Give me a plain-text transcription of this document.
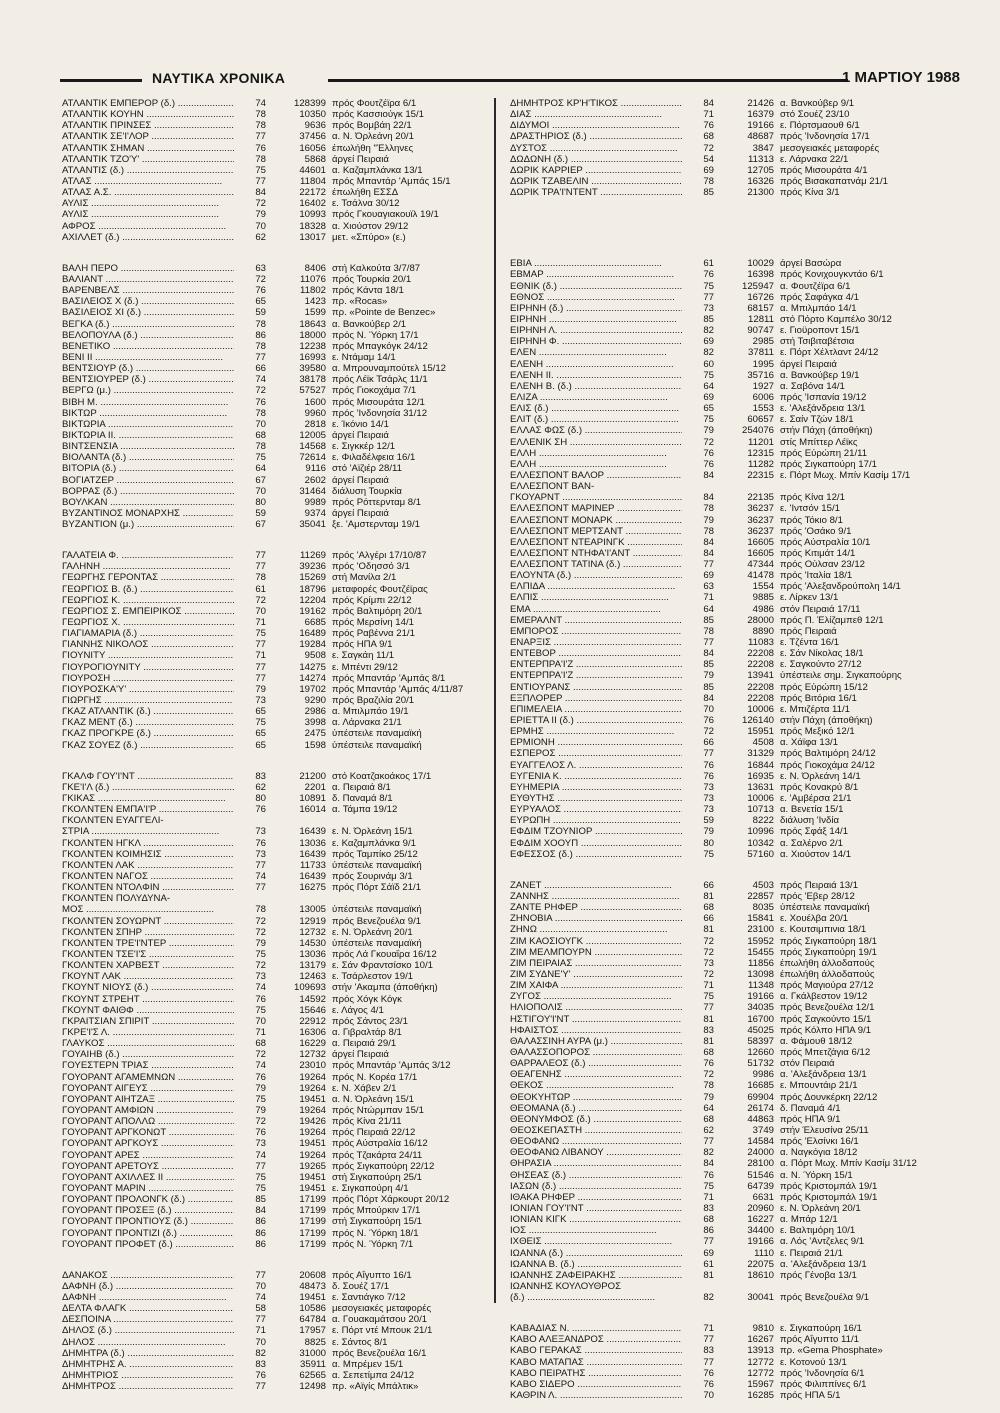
ΝΑΥΤΙΚΑ ΧΡΟΝΙΚΑ	1 ΜΑΡΤΙΟΥ 1988
ΑΤΛΑΝΤΙΚ ΕΜΠΕΡΟΡ (δ.) .....	74	128399 πρός Φουτζέϊρα 6/1
ΑΤΛΑΝΤΙΚ ΚΟΥΗΝ .....	78	10350 πρός Κασσιούγκ 15/1
ΑΤΛΑΝΤΙΚ ΠΡΙΝΣΕΣ .....	78	9636 πρός Βομβάη 22/1
ΑΤΛΑΝΤΙΚ ΣΕ'Ι'ΛΟΡ .....	77	37456 α. Ν. Όρλεάνη 20/1
ΑΤΛΑΝΤΙΚ ΣΗΜΑΝ .....	76	16056 έπωλήθη "Έλληνες
ΑΤΛΑΝΤΙΚ ΤΖΟ'Υ' .....	78	5868 άργεί Πειραιά
ΑΤΛΑΝΤΙΣ (δ.) .....	75	44601 α. Καζαμπλάνκα 13/1
ΑΤΛΑΣ .....	77	11804 πρός Μπαντάρ 'Αμπάς 15/1
ΑΤΛΑΣ Α.Σ. .....	84	22172 έπωλήθη ΕΣΣΔ
ΑΥΛΙΣ .....	72	16402 ε. Τσάλνα 30/12
ΑΥΛΙΣ .....	79	10993 πρός Γκουαγιακουϊλ 19/1
ΑΦΡΟΣ .....	70	18328 α. Χιούστον 29/12
ΑΧΙΛΛΕΤ (δ.) .....	62	13017 μετ. «Σπύρο» (ε.)
ΒΑΛΗ ΠΕΡΟ .....	63	8406 στή Καλκούτα 3/7/87
ΒΑΛΙΑΝΤ .....	72	11076 πρός Τουρκία 20/1
ΒΑΡΕΝΒΕΛΣ .....	76	11802 πρός Κάντα 18/1
ΒΑΣΙΛΕΙΟΣ Χ (δ.) .....	65	1423 πρ. «Rocas»
ΒΑΣΙΛΕΙΟΣ ΧΙ (δ.) .....	59	1599 πρ. «Pointe de Benzec»
ΒΕΓΚΑ (δ.) .....	78	18643 α. Βανκούβερ 2/1
ΒΕΛΟΠΟΥΛΑ (δ.) .....	86	18000 πρός Ν. Ύόρκη 17/1
ΒΕΝΕΤΙΚΟ .....	78	12238 πρός Μπαγκόγκ 24/12
ΒΕΝΙ ΙΙ .....	77	16993 ε. Ντάμαμ 14/1
ΒΕΝΤΣΙΟΥΡ (δ.) .....	66	39580 α. Μπρουναμπούτελ 15/12
ΒΕΝΤΣΙΟΥΡΕΡ (δ.) .....	74	38178 πρός Λέϊκ Τσάρλς 11/1
ΒΕΡΓΩ (μ.) .....	72	57527 πρός Γιοκοχάμα 7/1
ΒΙΒΗ Μ. .....	76	1600 πρός Μισουράτα 12/1
ΒΙΚΤΩΡ .....	78	9960 πρός 'Ινδονησία 31/12
ΒΙΚΤΩΡΙΑ .....	70	2818 ε. Ίκόνιο 14/1
ΒΙΚΤΩΡΙΑ ΙΙ. .....	68	12005 άργεί Πειραιά
ΒΙΝΤΣΕΝΣΙΑ .....	78	14568 ε. Σιγκκέρ 12/1
ΒΙΟΛΑΝΤΑ (δ.) .....	75	72614 ε. Φιλαδέλφεια 16/1
ΒΙΤΟΡΙΑ (δ.) .....	64	9116 στό 'Αϊζιέρ 28/11
ΒΟΓΙΑΤΖΕΡ .....	67	2602 άργεί Πειραιά
ΒΟΡΡΑΣ (δ.) .....	70	31464 διάλυση Τουρκία
ΒΟΥΛΚΑΝ .....	80	9989 πρός Ρόττερνταμ 8/1
ΒΥΖΑΝΤΙΝΟΣ ΜΟΝΑΡΧΗΣ .....	59	9374 άργεί Πειραιά
ΒΥΖΑΝΤΙΟΝ (μ.) .....	67	35041 ξε. 'Αμστερνταμ 19/1
ΓΑΛΑΤΕΙΑ Φ. .....	77	11269 πρός 'Αλγέρι 17/10/87
ΓΑΛΗΝΗ .....	77	39236 πρός 'Οδησσό 3/1
ΓΕΩΡΓΗΣ ΓΕΡΟΝΤΑΣ .....	78	15269 στή Μανίλα 2/1
ΓΕΩΡΓΙΟΣ Β. (δ.) .....	61	18796 μεταφορές Φουτζέϊρας
ΓΕΩΡΓΙΟΣ Κ. .....	72	12204 πρός Κρίμπι 22/12
ΓΕΩΡΓΙΟΣ Σ. ΕΜΠΕΙΡΙΚΟΣ .....	70	19162 πρός Βαλτιμόρη 20/1
ΓΕΩΡΓΙΟΣ Χ. .....	71	6685 πρός Μερσίνη 14/1
ΓΙΑΓΙΑΜΑΡΙΑ (δ.) .....	75	16489 πρός Ραβέννα 21/1
ΓΙΑΝΝΗΣ ΝΙΚΟΛΟΣ .....	77	19284 πρός ΗΠΑ 9/1
ΓΙΟΥΝΙΤΥ .....	71	9508 ε. Σαγκάη 11/1
ΓΙΟΥΡΟΓΙΟΥΝΙΤΥ .....	77	14275 ε. Μπέντι 29/12
ΓΙΟΥΡΟΣΗ .....	77	14274 πρός Μπαντάρ 'Αμπάς 8/1
ΓΙΟΥΡΟΣΚΑ'Υ' .....	79	19702 πρός Μπαντάρ 'Αμπάς 4/11/87
ΓΙΩΡΓΗΣ .....	73	9290 πρός Βραζιλία 20/1
ΓΚΑΖ ΑΤΛΑΝΤΙΚ (δ.) .....	65	2986 α. Μπιλμπάο 19/1
ΓΚΑΖ ΜΕΝΤ (δ.) .....	75	3998 α. Λάρνακα 21/1
ΓΚΑΖ ΠΡΟΓΚΡΕ (δ.) .....	65	2475 ύπέστειλε παναμαϊκή
ΓΚΑΖ ΣΟΥΕΖ (δ.) .....	65	1598 ύπέστειλε παναμαϊκή
ΓΚΑΛΦ ΓΟΥ'Ι'ΝΤ .....	83	21200 στό Κοατζακοάκος 17/1
ΓΚΕ'Ι'Λ (δ.) .....	62	2201 α. Πειραιά 8/1
ΓΚΙΚΑΣ .....	80	10891 δ. Παναμά 8/1
ΓΚΟΛΝΤΕΝ ΕΜΠΑ'Ι'Ρ .....	76	16014 α. Τάμπα 19/12
ΓΚΟΛΝΤΕΝ ΕΥΑΓΓΕΛΙ-
ΣΤΡΙΑ .....	73	16439 ε. Ν. Όρλεάνη 15/1
ΓΚΟΛΝΤΕΝ ΗΓΚΛ .....	76	13036 ε. Καζαμπλάνκα 9/1
ΓΚΟΛΝΤΕΝ ΚΟΙΜΗΣΙΣ .....	73	16439 πρός Ταμπίκο 25/12
ΓΚΟΛΝΤΕΝ ΛΑΚ .....	77	11733 ύπέστειλε παναμαϊκή
ΓΚΟΛΝΤΕΝ ΝΑΓΟΣ .....	74	16439 πρός Σουρινάμ 3/1
ΓΚΟΛΝΤΕΝ ΝΤΟΛΦΙΝ .....	77	16275 πρός Πόρτ Σάϊδ 21/1
ΓΚΟΛΝΤΕΝ ΠΟΛΥΔΥΝΑ-
ΜΟΣ .....	78	13005 ύπέστειλε παναμαϊκή
ΓΚΟΛΝΤΕΝ ΣΟΥΩΡΝΤ .....	72	12919 πρός Βενεζουέλα 9/1
ΓΚΟΛΝΤΕΝ ΣΠΗΡ .....	72	12732 ε. Ν. Όρλεάνη 20/1
ΓΚΟΛΝΤΕΝ ΤΡΕ'Ι'ΝΤΕΡ .....	79	14530 ύπέστειλε παναμαϊκή
ΓΚΟΛΝΤΕΝ ΤΣΕ'Ι'Σ .....	75	13036 πρός Λά Γκουαΐρα 16/12
ΓΚΟΛΝΤΕΝ ΧΑΡΒΕΣΤ .....	72	13179 ε. Σάν Φραντσίσκο 10/1
ΓΚΟΥΝΤ ΛΑΚ .....	73	12463 ε. Τσάρλεστον 19/1
ΓΚΟΥΝΤ ΝΙΟΥΣ (δ.) .....	74	109693 στήν 'Ακαμπα (άποθήκη)
ΓΚΟΥΝΤ ΣΤΡΕΗΤ .....	76	14592 πρός Χόγκ Κόγκ
ΓΚΟΥΝΤ ΦΑΙΘΦ .....	75	15646 ε. Λάγος 4/1
ΓΚΡΑΙΤΣΙΑΝ ΣΠΙΡΙΤ .....	70	22912 πρός Σάντος 23/1
ΓΚΡΕ'Ι'Σ Λ. .....	71	16306 α. Γιβραλτάρ 8/1
ΓΛΑΥΚΟΣ .....	68	16229 α. Πειραιά 29/1
ΓΟΥΑΙΗΒ (δ.) .....	72	12732 άργεί Πειραιά
ΓΟΥΕΣΤΕΡΝ ΤΡΙΑΣ .....	74	23010 πρός Μπαντάρ 'Αμπάς 3/12
ΓΟΥΟΡΑΝΤ ΑΓΑΜΕΜΝΩΝ .....	76	19264 πρός Ν. Κορέα 17/1
ΓΟΥΟΡΑΝΤ ΑΙΓΕΥΣ .....	79	19264 ε. Ν. Χάβεν 2/1
ΓΟΥΟΡΑΝΤ ΑΙΗΤΖΑΞ .....	75	19451 α. Ν. Όρλεάνη 15/1
ΓΟΥΟΡΑΝΤ ΑΜΦΙΩΝ .....	79	19264 πρός Ντώρμπαν 15/1
ΓΟΥΟΡΑΝΤ ΑΠΟΛΛΩ .....	72	19426 πρός Κίνα 21/11
ΓΟΥΟΡΑΝΤ ΑΡΓΚΟΝΩΤ .....	76	19264 πρός Πειραιά 22/12
ΓΟΥΟΡΑΝΤ ΑΡΓΚΟΥΣ .....	73	19451 πρός Αύστραλία 16/12
ΓΟΥΟΡΑΝΤ ΑΡΕΣ .....	74	19264 πρός Τζακάρτα 24/11
ΓΟΥΟΡΑΝΤ ΑΡΕΤΟΥΣ .....	77	19265 πρός Σιγκαπούρη 22/12
ΓΟΥΟΡΑΝΤ ΑΧΙΛΛΕΣ ΙΙ .....	75	19451 στή Σιγκαπούρη 25/1
ΓΟΥΟΡΑΝΤ ΜΑΡΙΝ .....	75	19451 ε. Σιγκαπούρη 4/1
ΓΟΥΟΡΑΝΤ ΠΡΟΛΟΝΓΚ (δ.) .....	85	17199 πρός Πόρτ Χάρκουρτ 20/12
ΓΟΥΟΡΑΝΤ ΠΡΟΣΕΞ (δ.) .....	84	17199 πρός Μπούρκιν 17/1
ΓΟΥΟΡΑΝΤ ΠΡΟΝΤΙΟΥΣ (δ.) .....	86	17199 στή Σιγκαπούρη 15/1
ΓΟΥΟΡΑΝΤ ΠΡΟΝΤΙΖΙ (δ.) .....	86	17199 πρός Ν. Ύόρκη 18/1
ΓΟΥΟΡΑΝΤ ΠΡΟΦΕΤ (δ.) .....	86	17199 πρός Ν. Ύόρκη 7/1
ΔΑΝΑΚΟΣ .....	77	20608 πρός Αΐγυπτο 16/1
ΔΑΦΝΗ (δ.) .....	70	48473 δ. Σουέζ 17/1
ΔΑΦΝΗ .....	74	19451 ε. Σαντιάγκο 7/12
ΔΕΛΤΑ ΦΛΑΓΚ .....	58	10586 μεσογειακές μεταφορές
ΔΕΣΠΟΙΝΑ .....	77	64784 α. Γουακαμάτσου 20/1
ΔΗΛΟΣ (δ.) .....	71	17957 ε. Πόρτ ντέ Μπουκ 21/1
ΔΗΛΟΣ .....	70	8825 ε. Σάντος 8/1
ΔΗΜΗΤΡΑ (δ.) .....	82	31000 πρός Βενεζουέλα 16/1
ΔΗΜΗΤΡΗΣ Α. .....	83	35911 α. Μπρέμεν 15/1
ΔΗΜΗΤΡΙΟΣ .....	76	62565 α. Σεπετίμπα 24/12
ΔΗΜΗΤΡΟΣ .....	77	12498 πρ. «Αϊγίς Μπάλτικ»
ΔΗΜΗΤΡΟΣ ΚΡ'Η'ΤΙΚΟΣ .....	84	21426 α. Βανκούβερ 9/1
ΔΙΑΣ .....	71	16379 στό Σουέζ 23/10
ΔΙΔΥΜΟΙ .....	76	19166 ε. Πόρτσμαουθ 6/1
ΔΡΑΣΤΗΡΙΟΣ (δ.) .....	68	48687 πρός 'Ινδονησία 17/1
ΔΥΣΤΟΣ .....	72	3847 μεσογειακές μεταφορές
ΔΩΔΩΝΗ (δ.) .....	54	11313 ε. Λάρνακα 22/1
ΔΩΡΙΚ ΚΑΡΡΙΕΡ .....	69	12705 πρός Μισουράτα 4/1
ΔΩΡΙΚ ΤΖΑΒΕΛΙΝ .....	78	16326 πρός Βισακαπατνάμ 21/1
ΔΩΡΙΚ ΤΡΑ'Ι'ΝΤΕΝΤ .....	85	21300 πρός Κίνα 3/1
ΕΒΙΑ .....	61	10029 άργεί Βασώρα
ΕΒΜΑΡ .....	76	16398 πρός Κονιχουγκντάο 6/1
ΕΘΝΙΚ (δ.) .....	75	125947 α. Φουτζέϊρα 6/1
ΕΘΝΟΣ .....	77	16726 πρός Σαφάγκα 4/1
ΕΙΡΗΝΗ (δ.) .....	73	68157 α. Μπιλμπάο 14/1
ΕΙΡΗΝΗ .....	85	12811 στό Πόρτο Καμπέλο 30/12
ΕΙΡΗΝΗ Λ. .....	82	90747 ε. Γιοϋροποντ 15/1
ΕΙΡΗΝΗ Φ. .....	69	2985 στή Τσιβιταβέτσια
ΕΛΕΝ .....	82	37811 ε. Πόρτ Χέλτλαντ 24/12
ΕΛΕΝΗ .....	60	1995 άργεί Πειραιά
ΕΛΕΝΗ ΙΙ. .....	75	35716 α. Βανκούβερ 19/1
ΕΛΕΝΗ Β. (δ.) .....	64	1927 α. Σαβόνα 14/1
ΕΛΙΖΑ .....	69	6006 πρός 'Ισπανία 19/12
ΕΛΙΣ (δ.) .....	65	1553 ε. 'Αλεξάνδρεια 13/1
ΕΛΙΤ (δ.) .....	75	60657 ε. Σαίν Τζών 18/1
ΕΛΛΑΣ ΦΩΣ (δ.) .....	79	254076 στήν Πάχη (άποθήκη)
ΕΛΛΕΝΙΚ ΣΗ .....	72	11201 στίς Μπίττερ Λέϊκς
ΕΛΛΗ .....	76	12315 πρός Εύρώπη 21/11
ΕΛΛΗ .....	76	11282 πρός Σιγκαπούρη 17/1
ΕΛΛΕΣΠΟΝΤ ΒΑΛΟΡ .....	84	22315 ε. Πόρτ Μωχ. Μπίν Κασίμ 17/1
ΕΛΛΕΣΠΟΝΤ ΒΑΝ-
ΓΚΟΥΑΡΝΤ .....	84	22135 πρός Κίνα 12/1
ΕΛΛΕΣΠΟΝΤ ΜΑΡΙΝΕΡ .....	78	36237 ε. 'Ιντσόν 15/1
ΕΛΛΕΣΠΟΝΤ ΜΟΝΑΡΚ .....	79	36237 πρός Τόκιο 8/1
ΕΛΛΕΣΠΟΝΤ ΜΕΡΤΣΑΝΤ .....	78	36237 πρός 'Οσάκο 9/1
ΕΛΛΕΣΠΟΝΤ ΝΤΕΑΡΙΝΓΚ .....	84	16605 πρός Αύστραλία 10/1
ΕΛΛΕΣΠΟΝΤ ΝΤΗΦΑ'Ι'ΑΝΤ .....	84	16605 πρός Κιτιμάτ 14/1
ΕΛΛΕΣΠΟΝΤ ΤΑΤΙΝΑ (δ.) .....	77	47344 πρός Ούλσαν 23/12
ΕΛΟΥΝΤΑ (δ.) .....	69	41478 πρός 'Ιταλία 18/1
ΕΛΠΙΔΑ .....	63	1554 πρός 'Αλεξανδρούπολη 14/1
ΕΛΠΙΣ .....	71	9885 ε. Λίρκεν 13/1
ΕΜΑ .....	64	4986 στόν Πειραιά 17/11
ΕΜΕΡΑΛΝΤ .....	85	28000 πρός Π. Έλίζαμπεθ 12/1
ΕΜΠΟΡΟΣ .....	78	8890 πρός Πειραιά
ΕΝΑΡΞΙΣ .....	77	11083 ε. Τζέντα 16/1
ΕΝΤΕΒΟΡ .....	84	22208 ε. Σάν Νίκολας 18/1
ΕΝΤΕΡΠΡΑ'Ι'Ζ .....	85	22208 ε. Σαγκούντο 27/12
ΕΝΤΕΡΠΡΑ'Ι'Ζ .....	79	13941 ύπέστειλε σημ. Σιγκαπούρης
ΕΝΤΙΟΥΡΑΝΣ .....	85	22208 πρός Εύρώπη 15/12
ΕΞΠΛΟΡΕΡ .....	84	22208 πρός Βιτόρια 16/1
ΕΠΙΜΕΛΕΙΑ .....	70	10006 ε. Μπιζέρτα 11/1
ΕΡΙΕΤΤΑ ΙΙ (δ.) .....	76	126140 στήν Πάχη (άποθήκη)
ΕΡΜΗΣ .....	72	15951 πρός Μεξικό 12/1
ΕΡΜΙΟΝΗ .....	66	4508 α. Χάϊφα 13/1
ΕΣΠΕΡΟΣ .....	77	31329 πρός Βαλτιμόρη 24/12
ΕΥΑΓΓΕΛΟΣ Λ. .....	76	16844 πρός Γιοκοχάμα 24/12
ΕΥΓΕΝΙΑ Κ. .....	76	16935 ε. Ν. Όρλεάνη 14/1
ΕΥΗΜΕΡΙΑ .....	73	13631 πρός Κονακρύ 8/1
ΕΥΘΥΤΗΣ .....	73	10006 ε. 'Αμβέρσα 21/1
ΕΥΡΥΑΛΟΣ .....	73	10713 α. Βενετία 15/1
ΕΥΡΩΠΗ .....	59	8222 διάλυση 'Ινδία
ΕΦΔΙΜ ΤΖΟΥΝΙΟΡ .....	79	10996 πρός Σφάξ 14/1
ΕΦΔΙΜ ΧΟΟΥΠ .....	80	10342 α. Σαλέρνο 2/1
ΕΦΕΣΣΟΣ (δ.) .....	75	57160 α. Χιούστον 14/1
ΖΑΝΕΤ .....	66	4503 πρός Πειραιά 13/1
ΖΑΝΝΗΣ .....	81	22857 πρός 'Εβερ 28/12
ΖΑΝΤΕ ΡΗΦΕΡ .....	68	8035 ύπέστειλε παναμαϊκή
ΖΗΝΟΒΙΑ .....	66	15841 ε. Χουέλβα 20/1
ΖΗΝΩ .....	81	23100 ε. Κουτσιμπινια 18/1
ΖΙΜ ΚΑΟΣΙΟΥΓΚ .....	72	15952 πρός Σιγκαπούρη 18/1
ΖΙΜ ΜΕΛΜΠΟΥΡΝ .....	72	15455 πρός Σιγκαπούρη 19/1
ΖΙΜ ΠΕΙΡΑΙΑΣ .....	73	11856 έπωλήθη άλλοδαπούς
ΖΙΜ ΣΥΔΝΕ'Υ' .....	72	13098 έπωλήθη άλλοδαπούς
ΖΙΜ ΧΑΙΦΑ .....	71	11348 πρός Μαγιούρα 27/12
ΖΥΓΟΣ .....	75	19166 α. Γκάλβεστον 19/12
ΗΛΙΟΠΟΛΙΣ .....	77	34035 πρός Βενεζουέλα 12/1
ΗΣΤΙΓΟΥ'Ι'ΝΤ .....	81	16700 πρός Σαγκούντο 15/1
ΗΦΑΙΣΤΟΣ .....	83	45025 πρός Κόλπο ΗΠΑ 9/1
ΘΑΛΑΣΣΙΝΗ ΑΥΡΑ (μ.) .....	81	58397 α. Φάμουθ 18/12
ΘΑΛΑΣΣΟΠΟΡΟΣ .....	68	12660 πρός Μπετζάγια 6/12
ΘΑΡΡΑΛΕΟΣ (δ.) .....	76	51732 στόν Πειραιά
ΘΕΑΓΕΝΗΣ .....	72	9986 α. 'Αλεξάνδρεια 13/1
ΘΕΚΟΣ .....	78	16685 ε. Μπουντάιρ 21/1
ΘΕΟΚΥΗΤΩΡ .....	79	69904 πρός Δουνκέρκη 22/12
ΘΕΟΜΑΝΑ (δ.) .....	64	26174 δ. Παναμά 4/1
ΘΕΟΝΥΜΦΟΣ (δ.) .....	68	44863 πρός ΗΠΑ 9/1
ΘΕΟΣΚΕΠΑΣΤΗ .....	62	3749 στήν Έλευσίνα 25/11
ΘΕΟΦΑΝΩ .....	77	14584 πρός 'Ελσίνκι 16/1
ΘΕΟΦΑΝΩ ΛΙΒΑΝΟΥ .....	82	24000 α. Ναγκόγια 18/12
ΘΗΡΑΣΙΑ .....	84	28100 α. Πόρτ Μωχ. Μπίν Κασίμ 31/12
ΘΗΣΕΑΣ (δ.) .....	76	51546 α. Ν. Ύόρκη 15/1
ΙΑΣΩΝ (δ.) .....	75	64739 πρός Κριστομπάλ 19/1
ΙΘΑΚΑ ΡΗΦΕΡ .....	71	6631 πρός Κριστομπάλ 19/1
ΙΟΝΙΑΝ ΓΟΥ'Ι'ΝΤ .....	83	20960 ε. Ν. Όρλεάνη 20/1
ΙΟΝΙΑΝ ΚΙΓΚ .....	68	16227 α. Μπάρ 12/1
ΙΟΣ .....	86	34400 ε. Βαλτιμόρη 10/1
ΙΧΘΕΙΣ .....	77	19166 α. Λός 'Αντζελες 9/1
ΙΩΑΝΝΑ (δ.) .....	69	1110 ε. Πειραιά 21/1
ΙΩΑΝΝΑ Β. (δ.) .....	61	22075 α. 'Αλεξάνδρεια 13/1
ΙΩΑΝΝΗΣ ΖΑΦΕΙΡΑΚΗΣ .....	81	18610 πρός Γένοβα 13/1
ΙΩΑΝΝΗΣ ΚΟΥΛΟΥΘΡΟΣ
(δ.) .....	82	30041 πρός Βενεζουέλα 9/1
ΚΑΒΑΔΙΑΣ Ν. .....	71	9810 ε. Σιγκαπούρη 16/1
ΚΑΒΟ ΑΛΕΞΑΝΔΡΟΣ .....	77	16267 πρός Αΐγυπτο 11/1
ΚΑΒΟ ΓΕΡΑΚΑΣ .....	83	13913 πρ. «Gema Phosphate»
ΚΑΒΟ ΜΑΤΑΠΑΣ .....	77	12772 ε. Κοτονού 13/1
ΚΑΒΟ ΠΕΙΡΑΤΗΣ .....	76	12772 πρός 'Ινδονησία 6/1
ΚΑΒΟ ΣΙΔΕΡΟ .....	76	15967 πρός Φιλιππίνες 6/1
ΚΑΘΡΙΝ Λ. .....	70	16285 πρός ΗΠΑ 5/1
